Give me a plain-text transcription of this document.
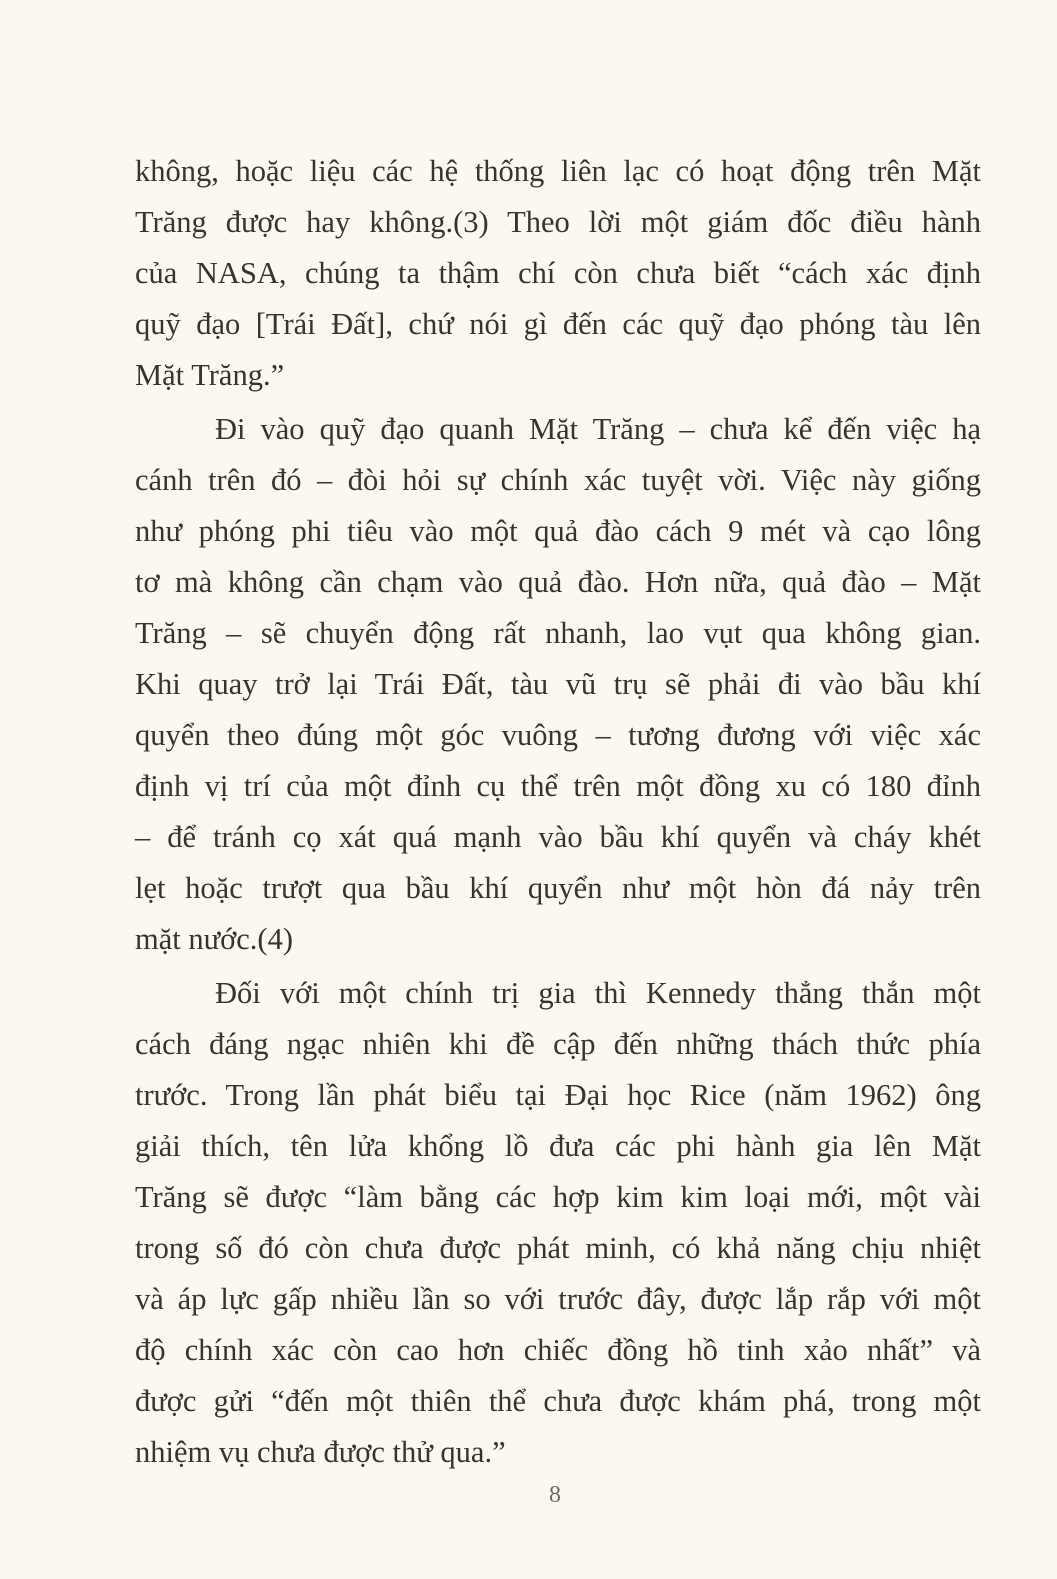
không, hoặc liệu các hệ thống liên lạc có hoạt động trên Mặt
Trăng được hay không.(3) Theo lời một giám đốc điều hành
của NASA, chúng ta thậm chí còn chưa biết “cách xác định
quỹ đạo [Trái Đất], chứ nói gì đến các quỹ đạo phóng tàu lên
Mặt Trăng.”
Đi vào quỹ đạo quanh Mặt Trăng – chưa kể đến việc hạ
cánh trên đó – đòi hỏi sự chính xác tuyệt vời. Việc này giống
như phóng phi tiêu vào một quả đào cách 9 mét và cạo lông
tơ mà không cần chạm vào quả đào. Hơn nữa, quả đào – Mặt
Trăng – sẽ chuyển động rất nhanh, lao vụt qua không gian.
Khi quay trở lại Trái Đất, tàu vũ trụ sẽ phải đi vào bầu khí
quyển theo đúng một góc vuông – tương đương với việc xác
định vị trí của một đỉnh cụ thể trên một đồng xu có 180 đỉnh
– để tránh cọ xát quá mạnh vào bầu khí quyển và cháy khét
lẹt hoặc trượt qua bầu khí quyển như một hòn đá nảy trên
mặt nước.(4)
Đối với một chính trị gia thì Kennedy thẳng thắn một
cách đáng ngạc nhiên khi đề cập đến những thách thức phía
trước. Trong lần phát biểu tại Đại học Rice (năm 1962) ông
giải thích, tên lửa khổng lồ đưa các phi hành gia lên Mặt
Trăng sẽ được “làm bằng các hợp kim kim loại mới, một vài
trong số đó còn chưa được phát minh, có khả năng chịu nhiệt
và áp lực gấp nhiều lần so với trước đây, được lắp rắp với một
độ chính xác còn cao hơn chiếc đồng hồ tinh xảo nhất” và
được gửi “đến một thiên thể chưa được khám phá, trong một
nhiệm vụ chưa được thử qua.”
8
